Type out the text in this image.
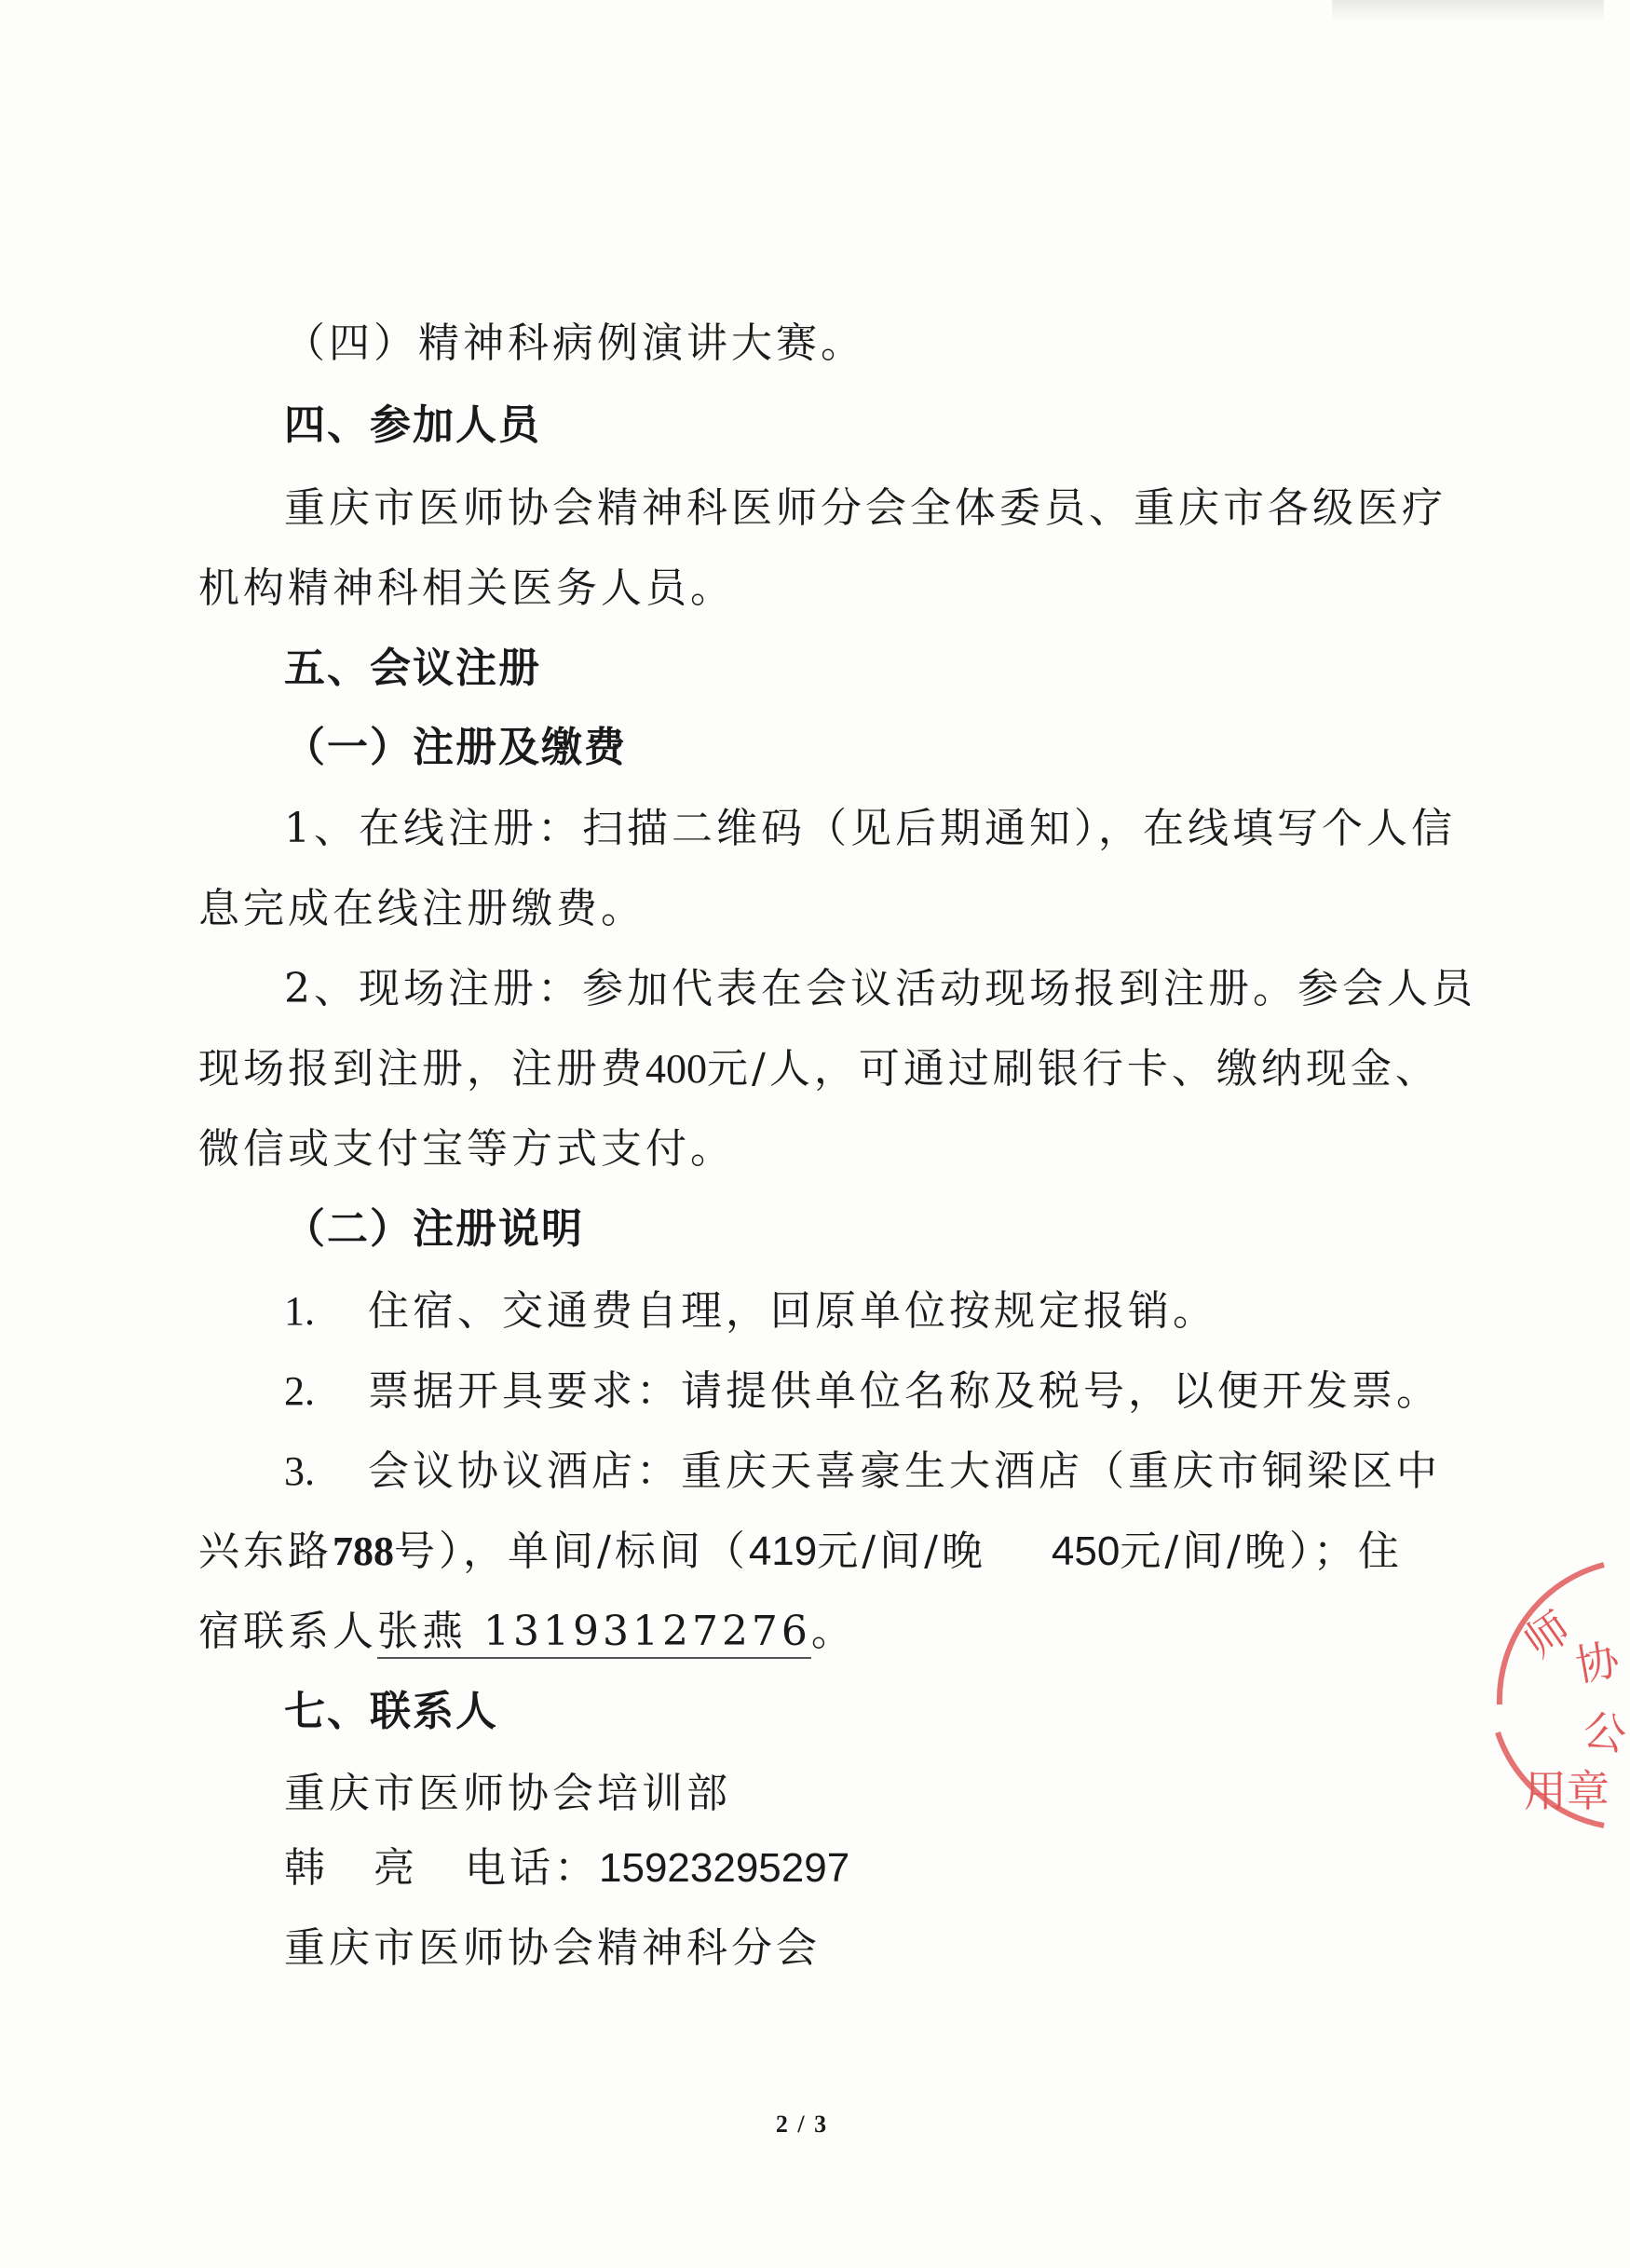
（四）精神科病例演讲大赛。
四、参加人员
重庆市医师协会精神科医师分会全体委员、重庆市各级医疗
机构精神科相关医务人员。
五、会议注册
（一）注册及缴费
1、在线注册：扫描二维码（见后期通知），在线填写个人信
息完成在线注册缴费。
2、现场注册：参加代表在会议活动现场报到注册。参会人员
现场报到注册，注册费400元/人，可通过刷银行卡、缴纳现金、
微信或支付宝等方式支付。
（二）注册说明
1. 住宿、交通费自理，回原单位按规定报销。
2. 票据开具要求：请提供单位名称及税号，以便开发票。
3. 会议协议酒店：重庆天喜豪生大酒店（重庆市铜梁区中
兴东路788号），单间/标间（419元/间/晚 450元/间/晚）；住
宿联系人张燕 13193127276。
七、联系人
重庆市医师协会培训部
韩　亮 电话：15923295297
重庆市医师协会精神科分会
师
协
公
用章
2 / 3
